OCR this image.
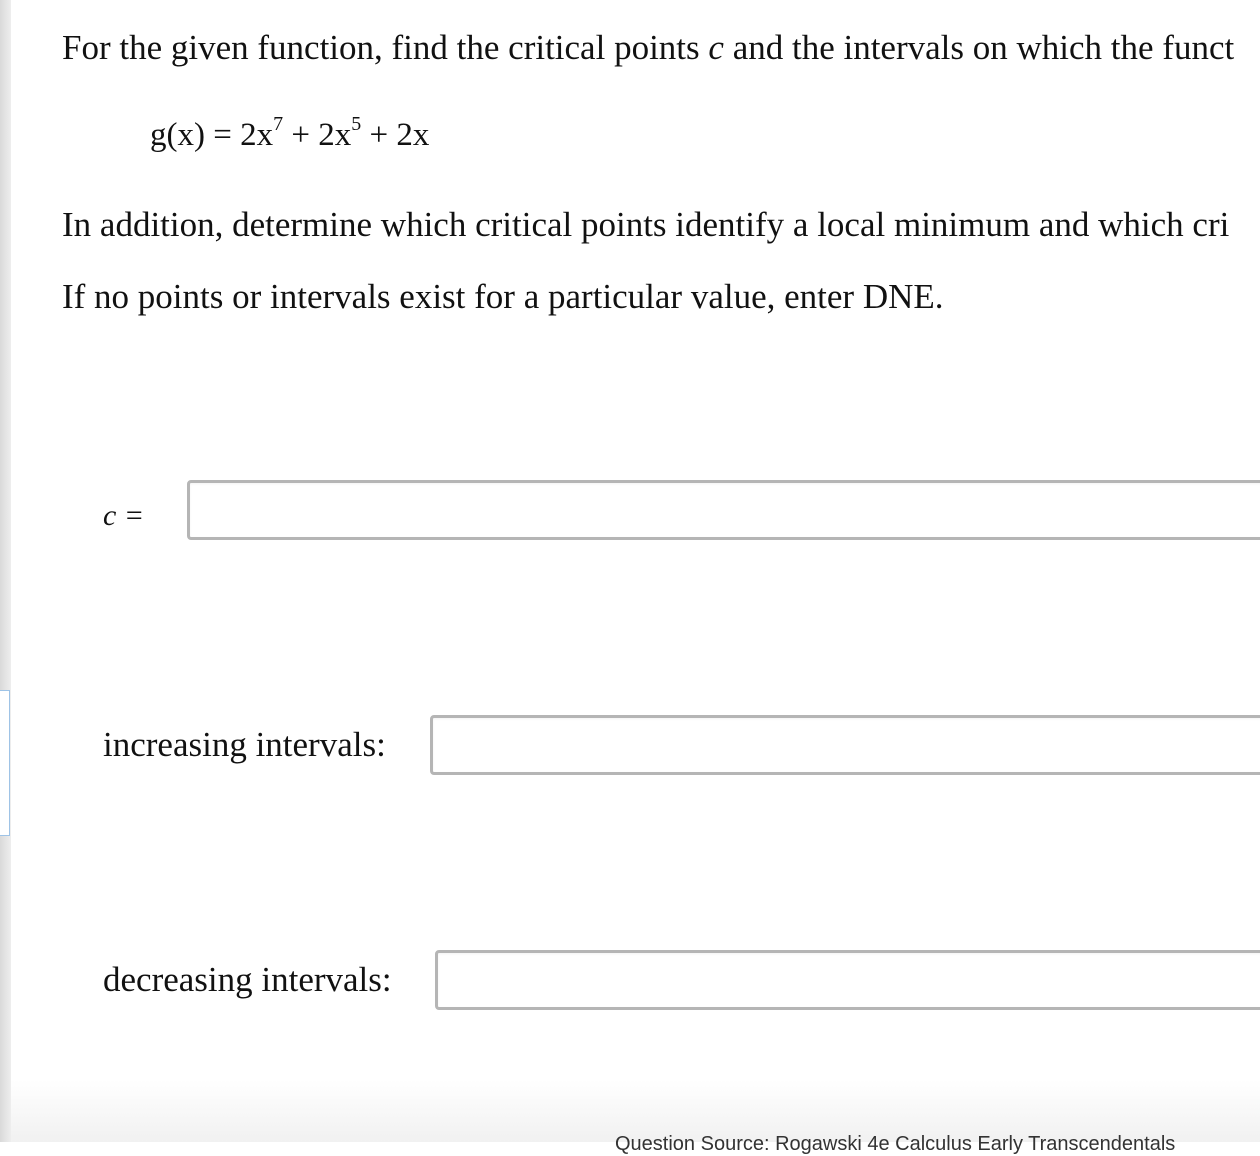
For the given function, find the critical points c and the intervals on which the funct

$g(x) = 2x^7 + 2x^5 + 2x$

In addition, determine which critical points identify a local minimum and which cri

If no points or intervals exist for a particular value, enter DNE.

c =
increasing intervals:
decreasing intervals:
Question Source: Rogawski 4e Calculus Early Transcendentals
